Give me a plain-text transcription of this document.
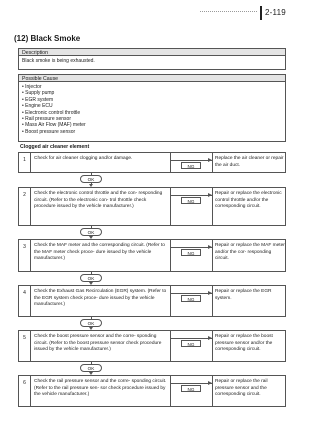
2-119
(12) Black Smoke
Description
Black smoke is being exhausted.
Possible Cause
• Injector
• Supply pump
• EGR system
• Engine ECU
• Electronic control throttle
• Rail pressure sensor
• Mass Air Flow (MAF) meter
• Boost pressure sensor
Clogged air cleaner element
1	Check for air cleaner clogging and/or damage.
NG
Replace the air cleaner or repair the air duct.
OK
2	Check the electronic control throttle and the con- responding circuit. (Refer to the electronic con- trol throttle check procedure issued by the vehicle manufacturer.)
NG
Repair or replace the electronic control throttle and/or the corresponding circuit.
OK
3	Check the MAF meter and the corresponding circuit. (Refer to the MAF meter check proce- dure issued by the vehicle manufacturer.)
NG
Repair or replace the MAF meter and/or the cor- responding circuit.
OK
4	Check the Exhaust Gas Recirculation (EGR) system. (Refer to the EGR system check proce- dure issued by the vehicle manufacturer.)
NG
Repair or replace the EGR system.
OK
5	Check the boost pressure sensor and the corre- sponding circuit. (Refer to the boost pressure sensor check procedure issued by the vehicle manufacturer.)
NG
Repair or replace the boost pressure sensor and/or the corresponding circuit.
OK
6	Check the rail pressure sensor and the corre- sponding circuit. (Refer to the rail pressure sen- sor check procedure issued by the vehicle manufacturer.)
NG
Repair or replace the rail pressure sensor and the corresponding circuit.
